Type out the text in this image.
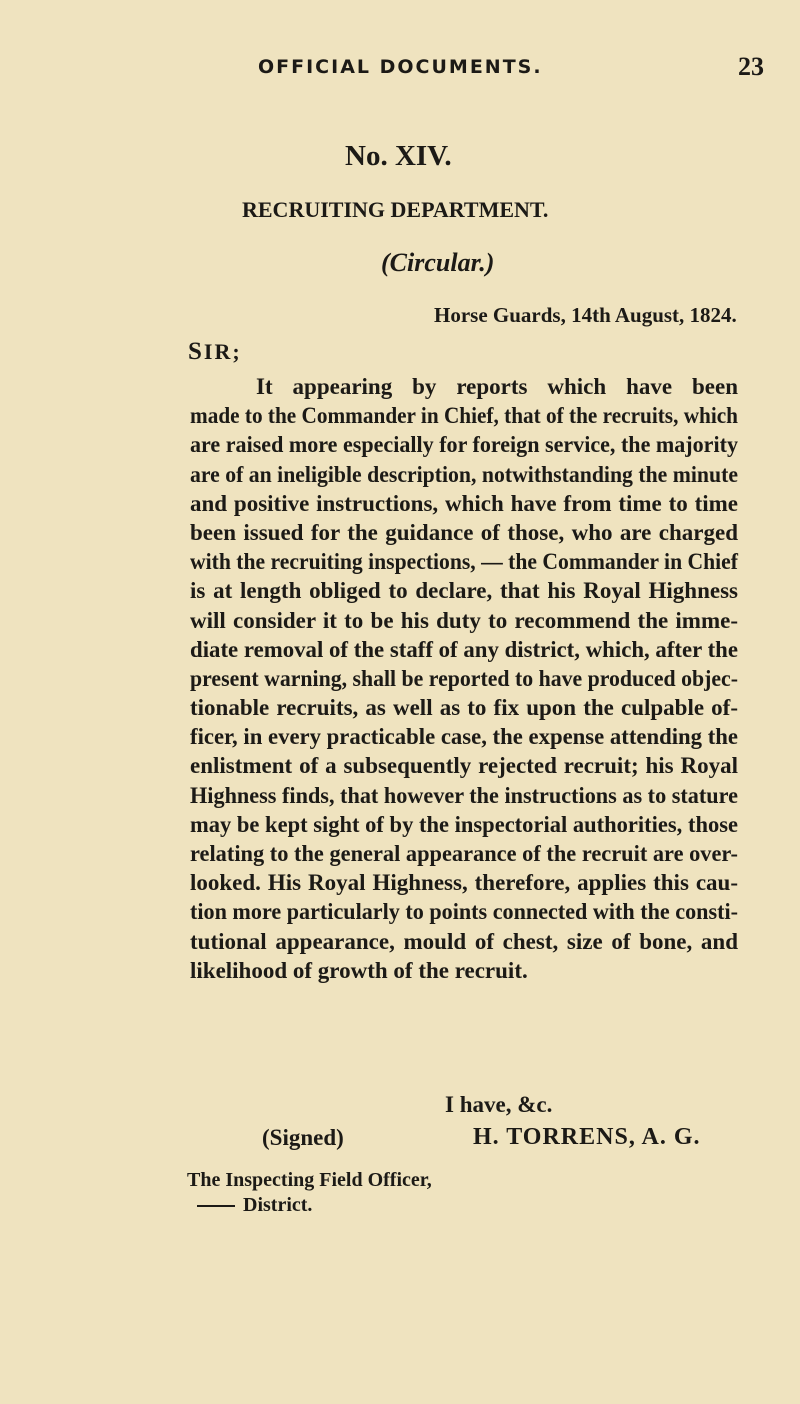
OFFICIAL DOCUMENTS.	23
No. XIV.
RECRUITING DEPARTMENT.
(Circular.)
Horse Guards, 14th August, 1824.
SIR;
It appearing by reports which have been
made to the Commander in Chief, that of the recruits, which
are raised more especially for foreign service, the majority
are of an ineligible description, notwithstanding the minute
and positive instructions, which have from time to time
been issued for the guidance of those, who are charged
with the recruiting inspections, — the Commander in Chief
is at length obliged to declare, that his Royal Highness
will consider it to be his duty to recommend the imme-
diate removal of the staff of any district, which, after the
present warning, shall be reported to have produced objec-
tionable recruits, as well as to fix upon the culpable of-
ficer, in every practicable case, the expense attending the
enlistment of a subsequently rejected recruit; his Royal
Highness finds, that however the instructions as to stature
may be kept sight of by the inspectorial authorities, those
relating to the general appearance of the recruit are over-
looked. His Royal Highness, therefore, applies this cau-
tion more particularly to points connected with the consti-
tutional appearance, mould of chest, size of bone, and
likelihood of growth of the recruit.
I have, &c.
(Signed)	H. TORRENS, A. G.
The Inspecting Field Officer,
District.
